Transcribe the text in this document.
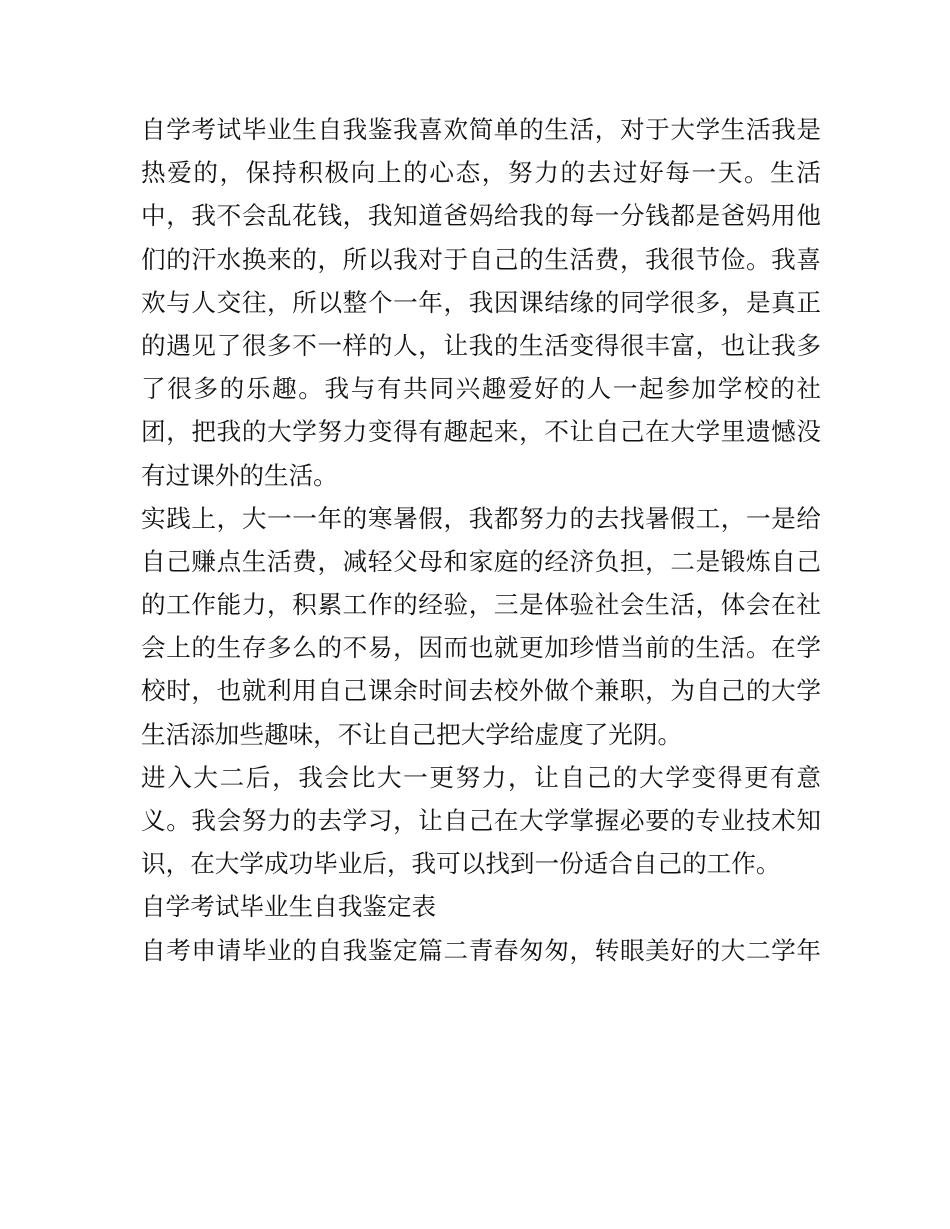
自学考试毕业生自我鉴我喜欢简单的生活，对于大学生活我是
热爱的，保持积极向上的心态，努力的去过好每一天。生活
中，我不会乱花钱，我知道爸妈给我的每一分钱都是爸妈用他
们的汗水换来的，所以我对于自己的生活费，我很节俭。我喜
欢与人交往，所以整个一年，我因课结缘的同学很多，是真正
的遇见了很多不一样的人，让我的生活变得很丰富，也让我多
了很多的乐趣。我与有共同兴趣爱好的人一起参加学校的社
团，把我的大学努力变得有趣起来，不让自己在大学里遗憾没
有过课外的生活。
实践上，大一一年的寒暑假，我都努力的去找暑假工，一是给
自己赚点生活费，减轻父母和家庭的经济负担，二是锻炼自己
的工作能力，积累工作的经验，三是体验社会生活，体会在社
会上的生存多么的不易，因而也就更加珍惜当前的生活。在学
校时，也就利用自己课余时间去校外做个兼职，为自己的大学
生活添加些趣味，不让自己把大学给虚度了光阴。
进入大二后，我会比大一更努力，让自己的大学变得更有意
义。我会努力的去学习，让自己在大学掌握必要的专业技术知
识，在大学成功毕业后，我可以找到一份适合自己的工作。
自学考试毕业生自我鉴定表
自考申请毕业的自我鉴定篇二青春匆匆，转眼美好的大二学年
